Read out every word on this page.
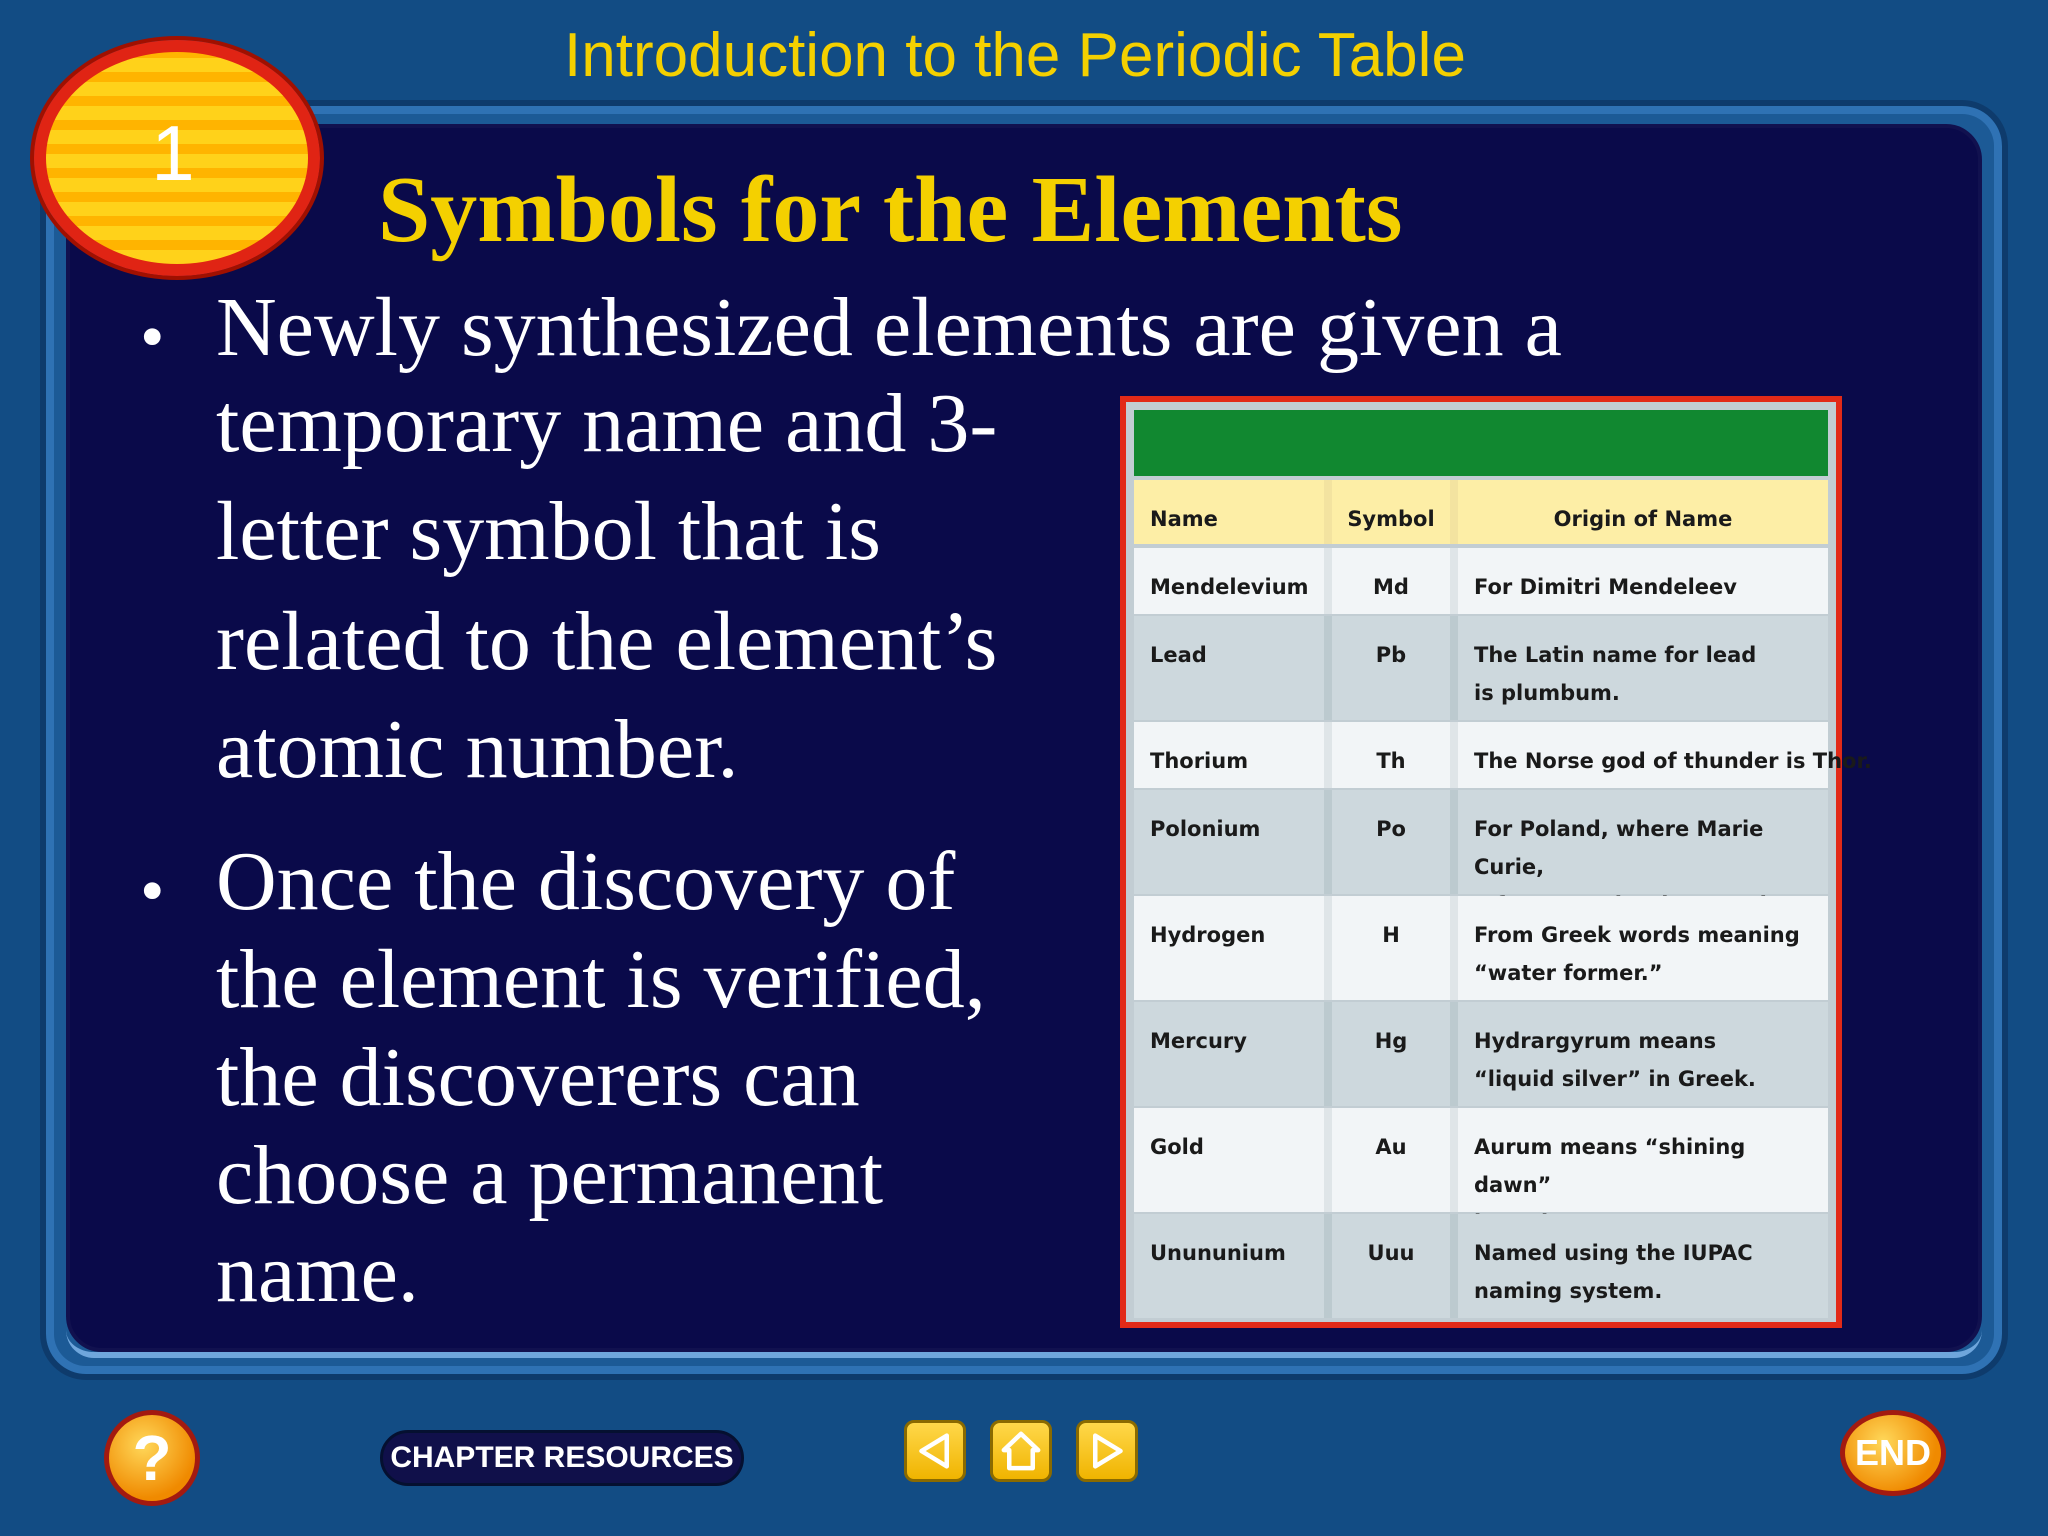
Introduction to the Periodic Table
1
Symbols for the Elements
• Newly synthesized elements are given a
temporary name and 3-
letter symbol that is
related to the element’s
atomic number.
• Once the discovery of
the element is verified,
the discoverers can
choose a permanent
name.
Name	Symbol	Origin of Name
Mendelevium	Md	For Dimitri Mendeleev
Lead	Pb	The Latin name for lead
is plumbum.
Thorium	Th	The Norse god of thunder is Thor.
Polonium	Po	For Poland, where Marie Curie,
Hydrogen	H	From Greek words meaning
“water former.”
Mercury	Hg	Hydrargyrum means
“liquid silver” in Greek.
Gold	Au	Aurum means “shining dawn”
Unununium	Uuu	Named using the IUPAC
naming system.
?	CHAPTER RESOURCES	END
